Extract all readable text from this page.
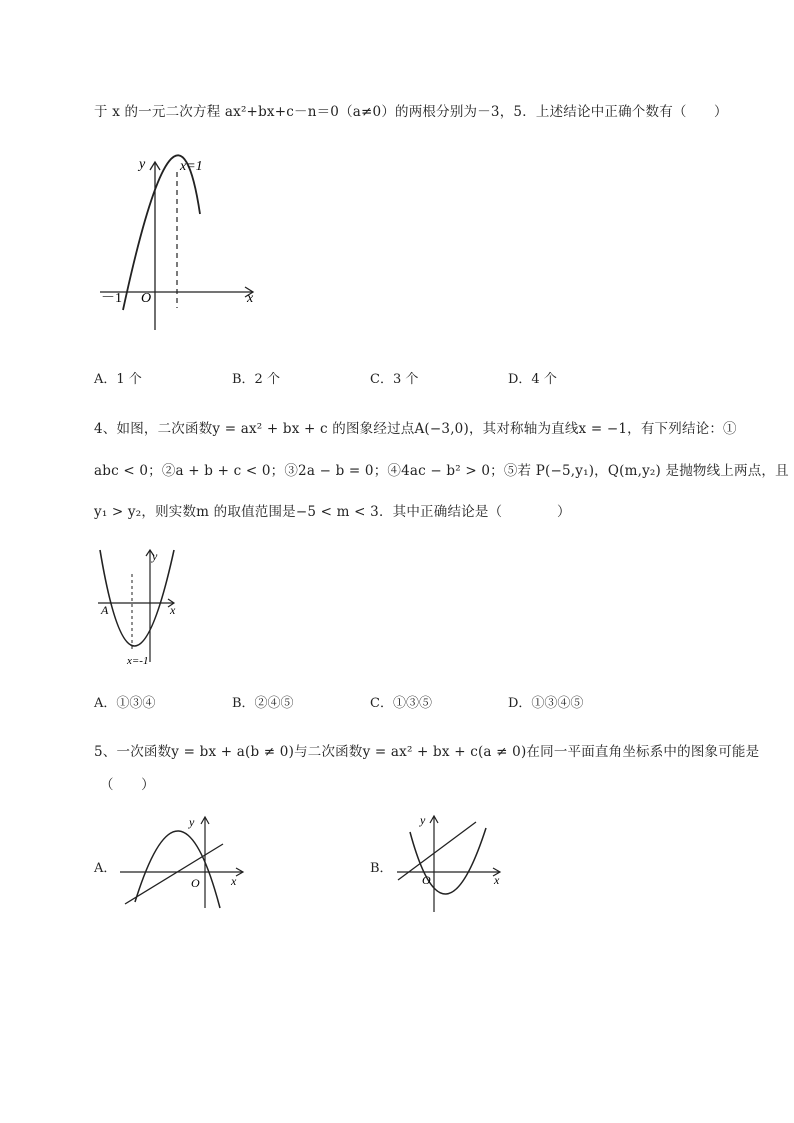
于 x 的一元二次方程 ax²+bx+c－n＝0（a≠0）的两根分别为－3，5．上述结论中正确个数有（　　）
y
x
x=1
O
－1
A．1 个	B．2 个	C．3 个	D．4 个
4、如图，二次函数y = ax² + bx + c 的图象经过点A(−3,0)，其对称轴为直线x = −1，有下列结论：①
abc < 0；②a + b + c < 0；③2a − b = 0；④4ac − b² > 0；⑤若 P(−5,y₁)，Q(m,y₂) 是抛物线上两点，且
y₁ > y₂，则实数m 的取值范围是−5 < m < 3．其中正确结论是（　　　　）
y
x
A
x=-1
A．①③④	B．②④⑤	C．①③⑤	D．①③④⑤
5、一次函数y = bx + a(b ≠ 0)与二次函数y = ax² + bx + c(a ≠ 0)在同一平面直角坐标系中的图象可能是
（　　）
A．
y
x
O
B．
y
x
O
